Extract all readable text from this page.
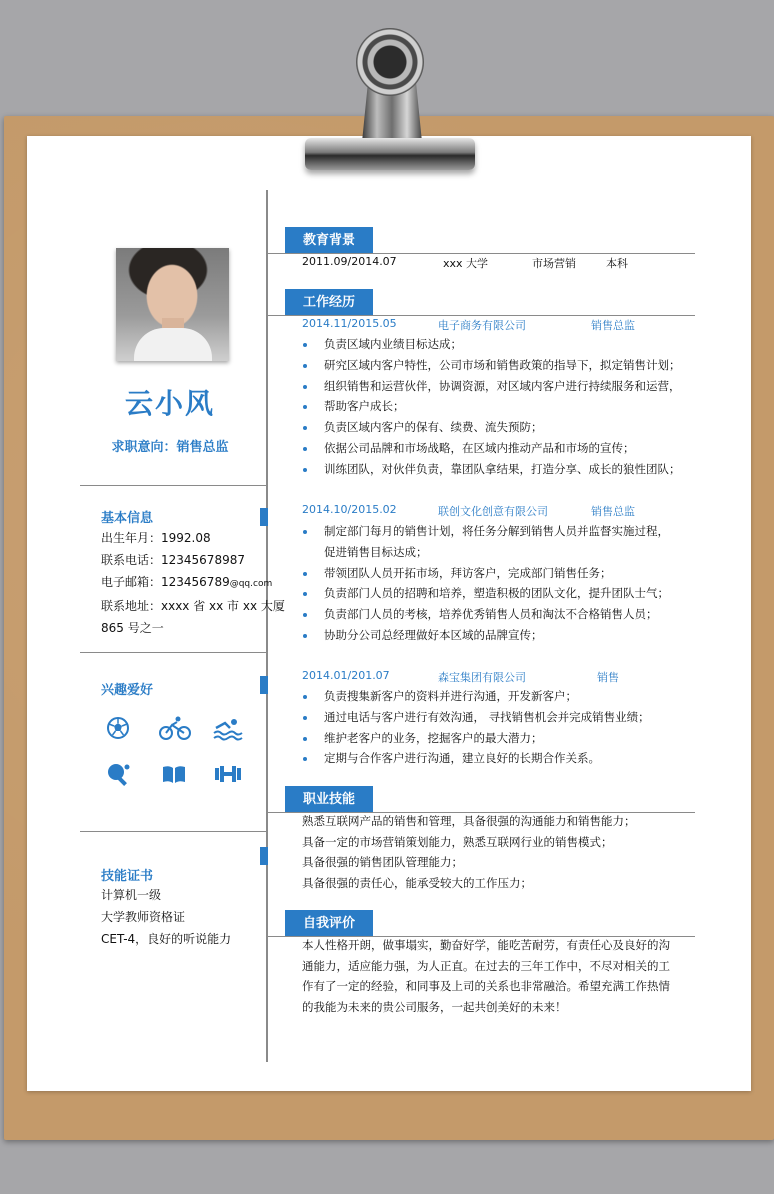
云小风
求职意向：销售总监
基本信息
出生年月：1992.08
联系电话：12345678987
电子邮箱：123456789@qq.com
联系地址：xxxx 省 xx 市 xx 大厦
865 号之一
兴趣爱好
技能证书
计算机一级
大学教师资格证
CET-4，良好的听说能力
教育背景
2011.09/2014.07	xxx 大学	市场营销	本科
工作经历
2014.11/2015.05	电子商务有限公司	销售总监
负责区域内业绩目标达成；
研究区域内客户特性，公司市场和销售政策的指导下，拟定销售计划；
组织销售和运营伙伴，协调资源，对区域内客户进行持续服务和运营，
帮助客户成长；
负责区域内客户的保有、续费、流失预防；
依据公司品牌和市场战略，在区域内推动产品和市场的宣传；
训练团队，对伙伴负责，靠团队拿结果，打造分享、成长的狼性团队；
2014.10/2015.02	联创文化创意有限公司	销售总监
制定部门每月的销售计划，将任务分解到销售人员并监督实施过程，
促进销售目标达成；
带领团队人员开拓市场，拜访客户，完成部门销售任务；
负责部门人员的招聘和培养，塑造积极的团队文化，提升团队士气；
负责部门人员的考核，培养优秀销售人员和淘汰不合格销售人员；
协助分公司总经理做好本区域的品牌宣传；
2014.01/201.07	森宝集团有限公司	销售
负责搜集新客户的资料并进行沟通，开发新客户；
通过电话与客户进行有效沟通， 寻找销售机会并完成销售业绩；
维护老客户的业务，挖掘客户的最大潜力；
定期与合作客户进行沟通，建立良好的长期合作关系。
职业技能
熟悉互联网产品的销售和管理，具备很强的沟通能力和销售能力；
具备一定的市场营销策划能力，熟悉互联网行业的销售模式；
具备很强的销售团队管理能力；
具备很强的责任心，能承受较大的工作压力；
自我评价
本人性格开朗，做事塌实，勤奋好学，能吃苦耐劳，有责任心及良好的沟
通能力，适应能力强，为人正直。在过去的三年工作中，不尽对相关的工
作有了一定的经验，和同事及上司的关系也非常融洽。希望充满工作热情
的我能为未来的贵公司服务，一起共创美好的未来！
